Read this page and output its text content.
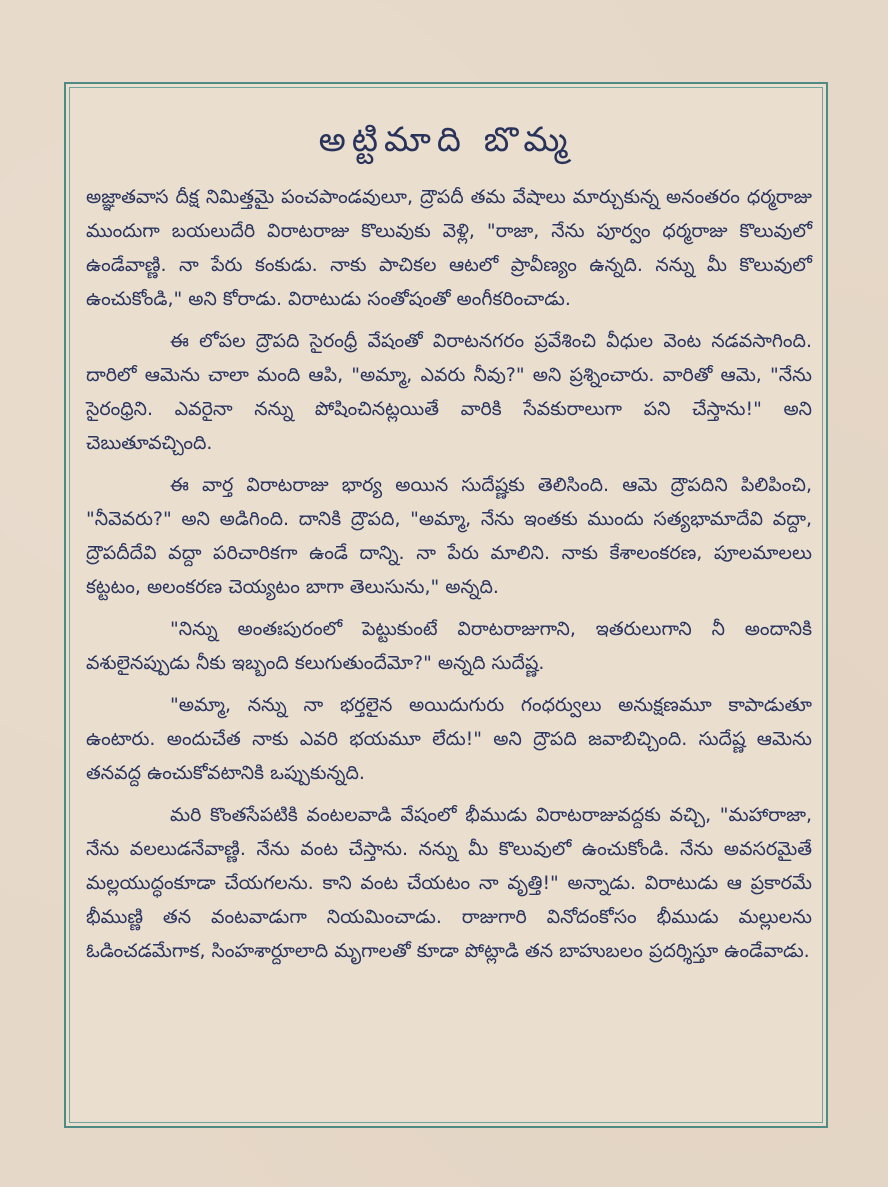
అట్టిమాది బొమ్మ

అజ్ఞాతవాస దీక్ష నిమిత్తమై పంచపాండవులూ, ద్రౌపదీ తమ వేషాలు మార్చుకున్న అనంతరం ధర్మరాజు ముందుగా బయలుదేరి విరాటరాజు కొలువుకు వెళ్లి, "రాజా, నేను పూర్వం ధర్మరాజు కొలువులో ఉండేవాణ్ణి. నా పేరు కంకుడు. నాకు పాచికల ఆటలో ప్రావీణ్యం ఉన్నది. నన్ను మీ కొలువులో ఉంచుకోండి," అని కోరాడు. విరాటుడు సంతోషంతో అంగీకరించాడు.

ఈ లోపల ద్రౌపది సైరంధ్రీ వేషంతో విరాటనగరం ప్రవేశించి వీధుల వెంట నడవసాగింది. దారిలో ఆమెను చాలా మంది ఆపి, "అమ్మా, ఎవరు నీవు?" అని ప్రశ్నించారు. వారితో ఆమె, "నేను సైరంధ్రిని. ఎవరైనా నన్ను పోషించినట్లయితే వారికి సేవకురాలుగా పని చేస్తాను!" అని చెబుతూవచ్చింది.

ఈ వార్త విరాటరాజు భార్య అయిన సుదేష్ణకు తెలిసింది. ఆమె ద్రౌపదిని పిలిపించి, "నీవెవరు?" అని అడిగింది. దానికి ద్రౌపది, "అమ్మా, నేను ఇంతకు ముందు సత్యభామాదేవి వద్దా, ద్రౌపదీదేవి వద్దా పరిచారికగా ఉండే దాన్ని. నా పేరు మాలిని. నాకు కేశాలంకరణ, పూలమాలలు కట్టటం, అలంకరణ చెయ్యటం బాగా తెలుసును," అన్నది.

"నిన్ను అంతఃపురంలో పెట్టుకుంటే విరాటరాజుగాని, ఇతరులుగాని నీ అందానికి వశులైనప్పుడు నీకు ఇబ్బంది కలుగుతుందేమో?" అన్నది సుదేష్ణ.

"అమ్మా, నన్ను నా భర్తలైన అయిదుగురు గంధర్వులు అనుక్షణమూ కాపాడుతూ ఉంటారు. అందుచేత నాకు ఎవరి భయమూ లేదు!" అని ద్రౌపది జవాబిచ్చింది. సుదేష్ణ ఆమెను తనవద్ద ఉంచుకోవటానికి ఒప్పుకున్నది.

మరి కొంతసేపటికి వంటలవాడి వేషంలో భీముడు విరాటరాజువద్దకు వచ్చి, "మహారాజా, నేను వలలుడనేవాణ్ణి. నేను వంట చేస్తాను. నన్ను మీ కొలువులో ఉంచుకోండి. నేను అవసరమైతే మల్లయుద్ధంకూడా చేయగలను. కాని వంట చేయటం నా వృత్తి!" అన్నాడు. విరాటుడు ఆ ప్రకారమే భీముణ్ణి తన వంటవాడుగా నియమించాడు. రాజుగారి వినోదంకోసం భీముడు మల్లులను ఓడించడమేగాక, సింహశార్దూలాది మృగాలతో కూడా పోట్లాడి తన బాహుబలం ప్రదర్శిస్తూ ఉండేవాడు.
